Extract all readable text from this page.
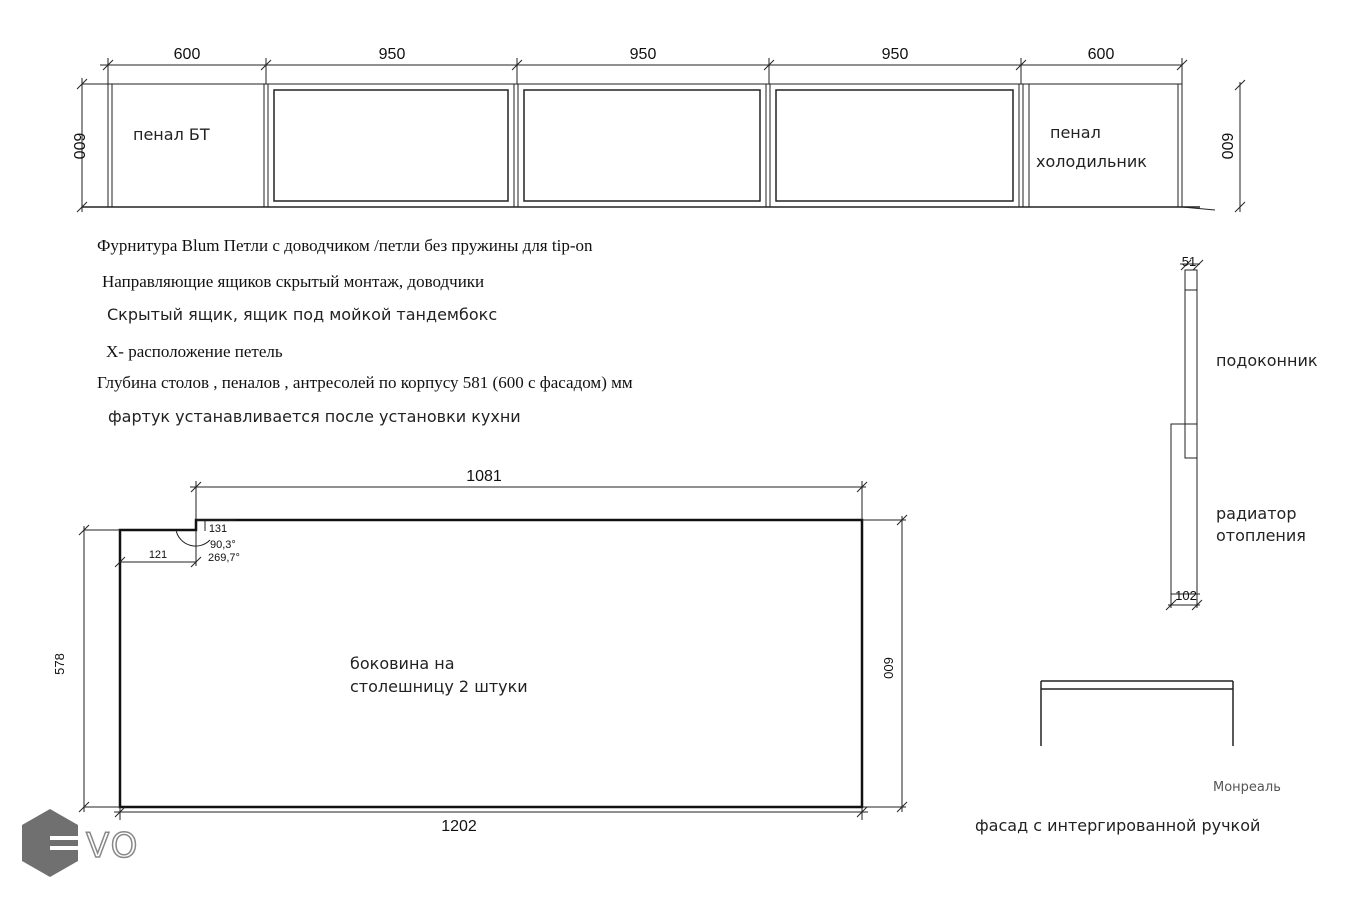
600	950	950	950	600
600	600
пенал БТ	пенал
холодильник
Фурнитура Blum Петли с доводчиком /петли без пружины для tip-on
Направляющие ящиков скрытый монтаж, доводчики
Скрытый ящик, ящик под мойкой тандембокс
Х- расположение петель
Глубина столов , пеналов , антресолей по корпусу 581 (600 с фасадом) мм
фартук устанавливается после установки кухни
1081
1202
578	600
121
131
90,3°
269,7°
боковина на
столешницу 2 штуки
51
102
подоконник
радиатор
отопления
Монреаль
фасад с интергированной ручкой
VO
